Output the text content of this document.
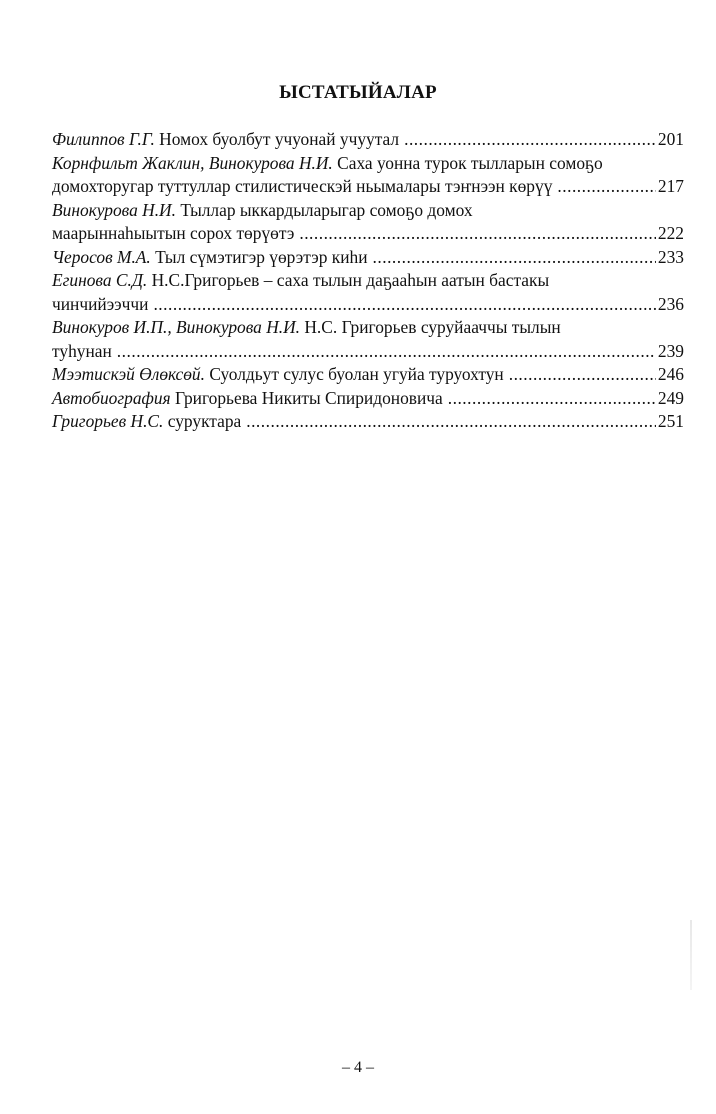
ЫСТАТЫЙАЛАР
Филиппов Г.Г.
Номох буолбут учуонай учуутал .....	201
Корнфильт Жаклин, Винокурова Н.И. Саха уонна турок тылларын сомоҕо
домохторугар туттуллар стилистическэй ньымалары тэҥнээн көрүү .....	217
Винокурова Н.И. Тыллар ыккардыларыгар сомоҕо домох
маарыннаһыытын сорох төрүөтэ .....	222
Черосов М.А.
Тыл сүмэтигэр үөрэтэр киһи .....	233
Егинова С.Д. Н.С.Григорьев – саха тылын даҕааһын аатын бастакы
чинчийээччи .....	236
Винокуров И.П., Винокурова Н.И. Н.С. Григорьев суруйааччы тылын
туһунан .....	239
Мээтискэй Өлөксөй.
Суолдьут сулус буолан угуйа туруохтун .....	246
Автобиография
Григорьева Никиты Спиридоновича .....	249
Григорьев Н.С.
суруктара .....	251
– 4 –
